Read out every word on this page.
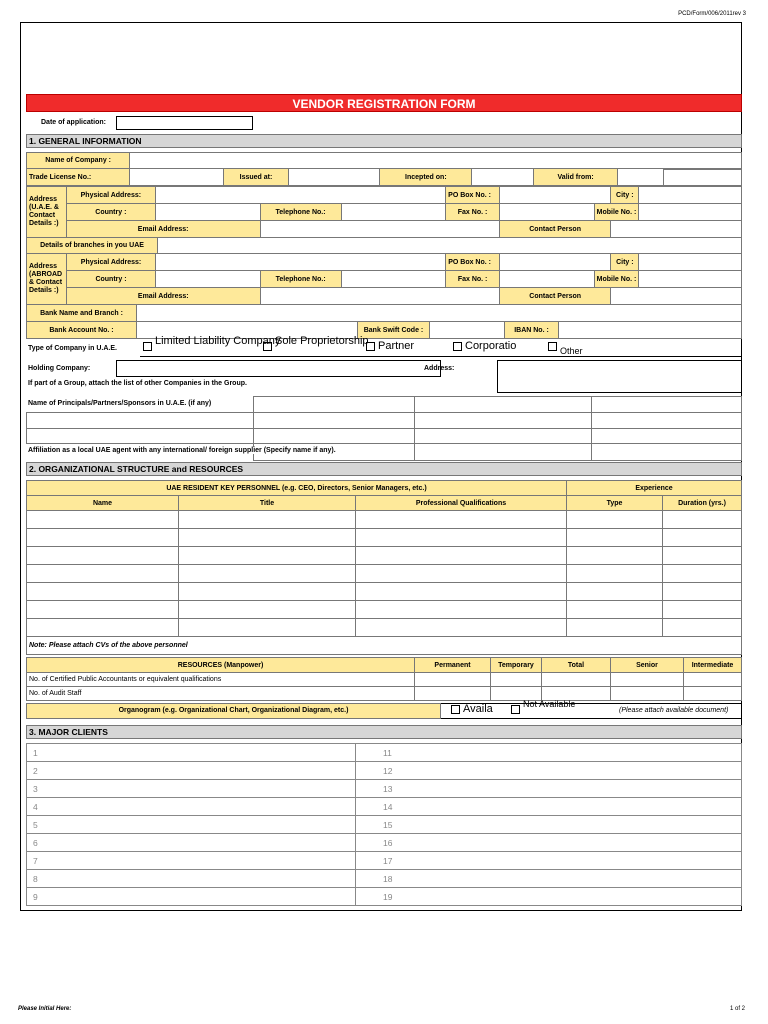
PCD/Form/006/2011rev 3
VENDOR REGISTRATION FORM
Date of application:
1. GENERAL INFORMATION
Name of Company :								
Trade License No.:		Issued at:		Incepted on:		Valid from:		
Address (U.A.E. & Contact Details :)	Physical Address:				PO Box No. :			City :	
	Country :		Telephone No.:		Fax No. :		Mobile No. :		
	Email Address:					Contact Person			
Details of branches in you UAE	
Address (ABROAD & Contact Details :)	Physical Address:				PO Box No. :			City :	
	Country :		Telephone No.:		Fax No. :		Mobile No. :		
	Email Address:					Contact Person			
Bank Name and Branch :					
Bank Account No. :		Bank Swift Code :		IBAN No. :	
Type of Company in U.A.E.
Limited Liability Company
Sole Proprietorship Partner	Corporatio	$_{Other}$
Holding Company:	Address:
If part of a Group, attach the list of other Companies in the Group.
Name of Principals/Partners/Sponsors in U.A.E. (if any)

Affiliation as a local UAE agent with any international/ foreign supplier (Specify name if any).
2. ORGANIZATIONAL STRUCTURE and RESOURCES
UAE RESIDENT KEY PERSONNEL (e.g. CEO, Directors, Senior Managers, etc.)			Experience	
Name	Title	Professional Qualifications	Type	Duration (yrs.)

Note: Please attach CVs of the above personnel				
RESOURCES (Manpower)	Permanent	Temporary	Total	Senior	Intermediate
No. of Certified Public Accountants or equivalent qualifications					
No. of Audit Staff					
Organogram (e.g. Organizational Chart, Organizational Diagram, etc.)	Availa	$^{Not Available}$
(Please attach available document)
3. MAJOR CLIENTS
1	11
2	12
3	13
4	14
5	15
6	16
7	17
8	18
9	19
Please Initial Here:	1 of 2
